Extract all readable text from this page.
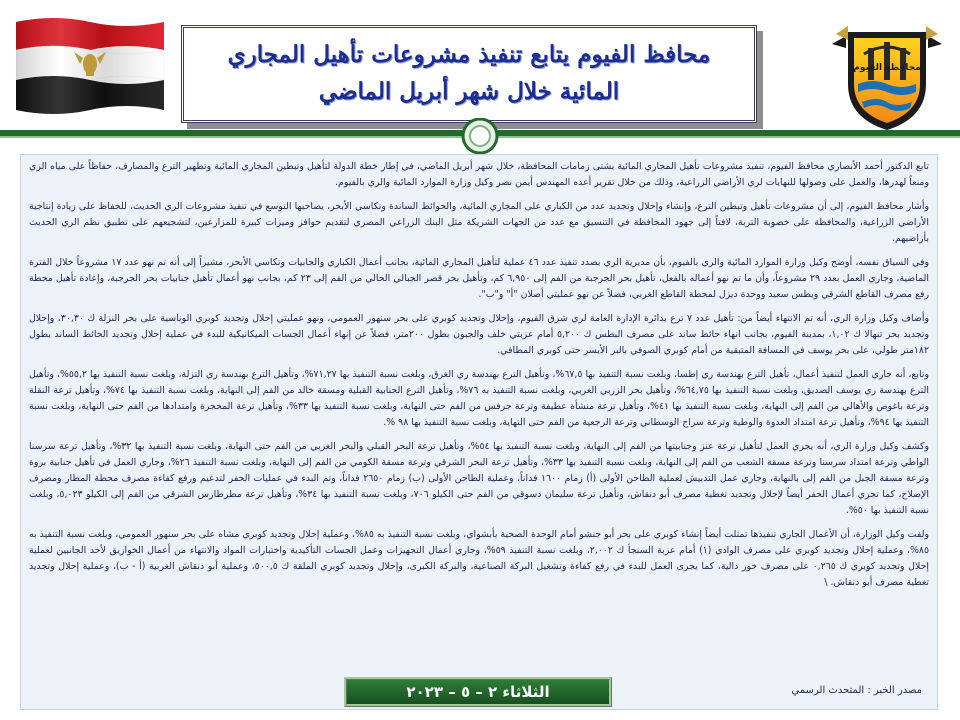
محافظة الفيوم
محافظ الفيوم يتابع تنفيذ مشروعات تأهيل المجاري المائية خلال شهر أبريل الماضي

تابع الدكتور أحمد الأنصاري محافظ الفيوم، تنفيذ مشروعات تأهيل المجاري المائية بشتى زمامات المحافظة، خلال شهر أبريل الماضي، في إطار خطة الدولة لتأهيل وتبطين المجاري المائية وتطهير الترع والمصارف، حفاظاً على مياه الري ومنعاً لهدرها، والعمل على وصولها للنهايات لري الأراضي الزراعية، وذلك من خلال تقرير أعده المهندس أيمن نصر وكيل وزارة الموارد المائية والري بالفيوم.

وأشار محافظ الفيوم، إلى أن مشروعات تأهيل وتبطين الترع، وإنشاء وإحلال وتجديد عدد من الكباري على المجاري المائية، والحوائط الساندة وتكاسي الأبحر، يصاحبها التوسع في تنفيذ مشروعات الري الحديث، للحفاظ على زيادة إنتاجية الأراضي الزراعية، والمحافظة على خصوبة التربة، لافتاً إلى جهود المحافظة في التنسيق مع عدد من الجهات الشريكة مثل البنك الزراعي المصري لتقديم حوافز وميزات كبيرة للمزارعين، لتشجيعهم على تطبيق نظم الري الحديث بأراضيهم.

وفي السياق نفسه، أوضح وكيل وزارة الموارد المائية والري بالفيوم، بأن مديرية الري بصدد تنفيذ عدد ٤٦ عملية لتأهيل المجاري المائية، بجانب أعمال الكباري والجابيات وتكاسي الأبحر، مشيراً إلى أنه تم نهو عدد ١٧ مشروعاً خلال الفترة الماضية، وجاري العمل بعدد ٢٩ مشروعاً، وأن ما تم نهو أعماله بالفعل، تأهيل بحر الجرجبة من الفم إلى ٦,٩٥٠ كم، وتأهيل بحر قصر الجبالي الحالي من الفم إلى ٢٣ كم، بجانب نهو أعمال تأهيل جنابيات بحر الجرجبة، وإعادة تأهيل محطة رفع مصرف القاطع الشرقي ويطس سعيد ووحدة ديزل لمحطة القاطع الغربي، فضلاً عن نهو عمليتي أصلان "أ" و"ب".

وأضاف وكيل وزارة الري، أنه تم الانتهاء أيضاً من: تأهيل عدد ٧ ترع بدائرة الإدارة العامة لري شرق الفيوم، وإحلال وتجديد كوبري على بحر سنهور العمومي، ونهو عمليتي إحلال وتجديد كوبري الوناسية على بحر النزلة ك ٣٠,٣٠، وإحلال وتجديد بحر تنهالا ك ١,٠٢، بمدينة الفيوم، بجانب انهاء حائط ساند على مصرف البطس ك ٥,٢٠٠ أمام عزبتي خلف والجبون بطول ٢٠٠متر، فضلاً عن إنهاء أعمال الجسات الميكانيكية للبدء في عملية إحلال وتجديد الحائط الساند بطول ١٨٢متر طولي، على بحر يوسف في المسافة المتبقية من أمام كوبري الصوفي بالبر الأيسر حتى كوبري المطافي.

وتابع، أنه جاري العمل لتنفيذ أعمال، تأهيل الترع بهندسة ري إطسا، وبلغت نسبة التنفيذ بها ٦٧,٥%، وتأهيل الترع بهندسة ري الغرق، وبلغت نسبة التنفيذ بها ٧١,٢٧%، وتأهيل الترع بهندسة ري النزلة، وبلغت نسبة التنفيذ بها ٥٥,٢%، وتأهيل الترع بهندسة ري يوسف الصديق، وبلغت نسبة التنفيذ بها ٦٤,٧٥%، وتأهيل بحر الزربي الغربي، وبلغت نسبة التنفيذ به ٧٦%، وتأهيل الترع الجنابية القبلية ومسقة خالد من الفم إلى النهاية، وبلغت نسبة التنفيذ بها ٧٤%، وتأهيل ترعة النقلة وترعة باغوص والأهالي من الفم إلى النهاية، وبلغت نسبة التنفيذ بها ٤١%، وتأهيل ترعة منشأة عطيفة وترعة جرفس من الفم حتى النهاية، وبلغت نسبة التنفيذ بها ٣٣%، وتأهيل ترعة المحجرة وامتدادها من الفم حتى النهاية، وبلغت نسبة التنفيذ بها ٩٤%، وتأهيل ترعة امتداد العدوة والوطية وترعة سراج الوسطاني وترعة الرجعية من الفم حتى النهاية، وبلغت نسبة التنفيذ بها ٩٨ %.

وكشف وكيل وزارة الري، أنه يجري العمل لتأهيل ترعة عنز وجنابيتها من الفم إلى النهاية، وبلغت نسبة التنفيذ بها ٥٤%، وتأهيل ترعة البحر القبلي والبحر الغربي من الفم حتى النهاية، وبلغت نسبة التنفيذ بها ٣٢%، وتأهيل ترعة سرسنا الواطي وترعة امتداد سرسنا وترعة مسقة الشعب من الفم إلى النهاية، وبلغت نسبة التنفيذ بها ٣٣%، وتأهيل ترعة البحر الشرقي وترعة مسقة الكومي من الفم إلى النهاية، وبلغت نسبة التنفيذ ٢٦%، وجاري العمل في تأهيل جنابية بروة وترعة مسقة الجبل من الفم إلى بالنهاية، وجاري عمل التدبيش لعملية الطاحن الأولى (أ) زمام ١٦٠٠ فداناً، وعملية الطاحن الأولى (ب) زمام ٢٦٥٠ فداناً، وتم البدء في عمليات الحفر لتدعيم ورفع كفاءة مصرف محطة المطار ومصرف الإصلاح، كما تجري أعمال الحفر أيضاً لإحلال وتجديد تغطية مصرف أبو دنقاش، وتأهيل ترعة سليمان دسوقي من الفم حتى الكيلو ٧٠٦، وبلغت نسبة التنفيذ بها ٣٤%، وتأهيل ترعة مطرطارس الشرقي من الفم إلى الكيلو ٥,٠٢٣، وبلغت نسبة التنفيذ بها ٥٠%.

ولفت وكيل الوزارة، أن الأعمال الجاري تنفيذها تمثلت أيضاً إنشاء كوبري على بحر أبو جنشو أمام الوحدة الصحية بأبشواي، وبلغت نسبة التنفيذ به ٨٥%، وعملية إحلال وتجديد كوبري مشاه على بحر سنهور العمومي، وبلغت نسبة التنفيذ به ٨٥%، وعملية إحلال وتجديد كوبري على مصرف الوادي (١) أمام عزبة السنجأ ك ٢,٠٠٢، وبلغت نسبة التنفيذ ٥٩%، وجاري أعمال التجهيزات وعمل الجسات التأكيدية واختبارات المواد والانتهاء من أعمال الخوازيق لأحد الجانبين لعملية إحلال وتجديد كوبري ك ٠,٢٦٥ على مصرف خور دالية، كما يجرى العمل للبدء في رفع كفاءة وتشغيل البركة الصناعية، والبركة الكبرى، وإحلال وتجديد كوبري الملقة ك ٥٠٠,٥، وعملية أبو دنقاش الغربية (أ - ب)، وعملية إحلال وتجديد تغطية مصرف أبو دنقاش. \

مصدر الخبر : المتحدث الرسمي
الثلاثاء ٢ – ٥ – ٢٠٢٣
